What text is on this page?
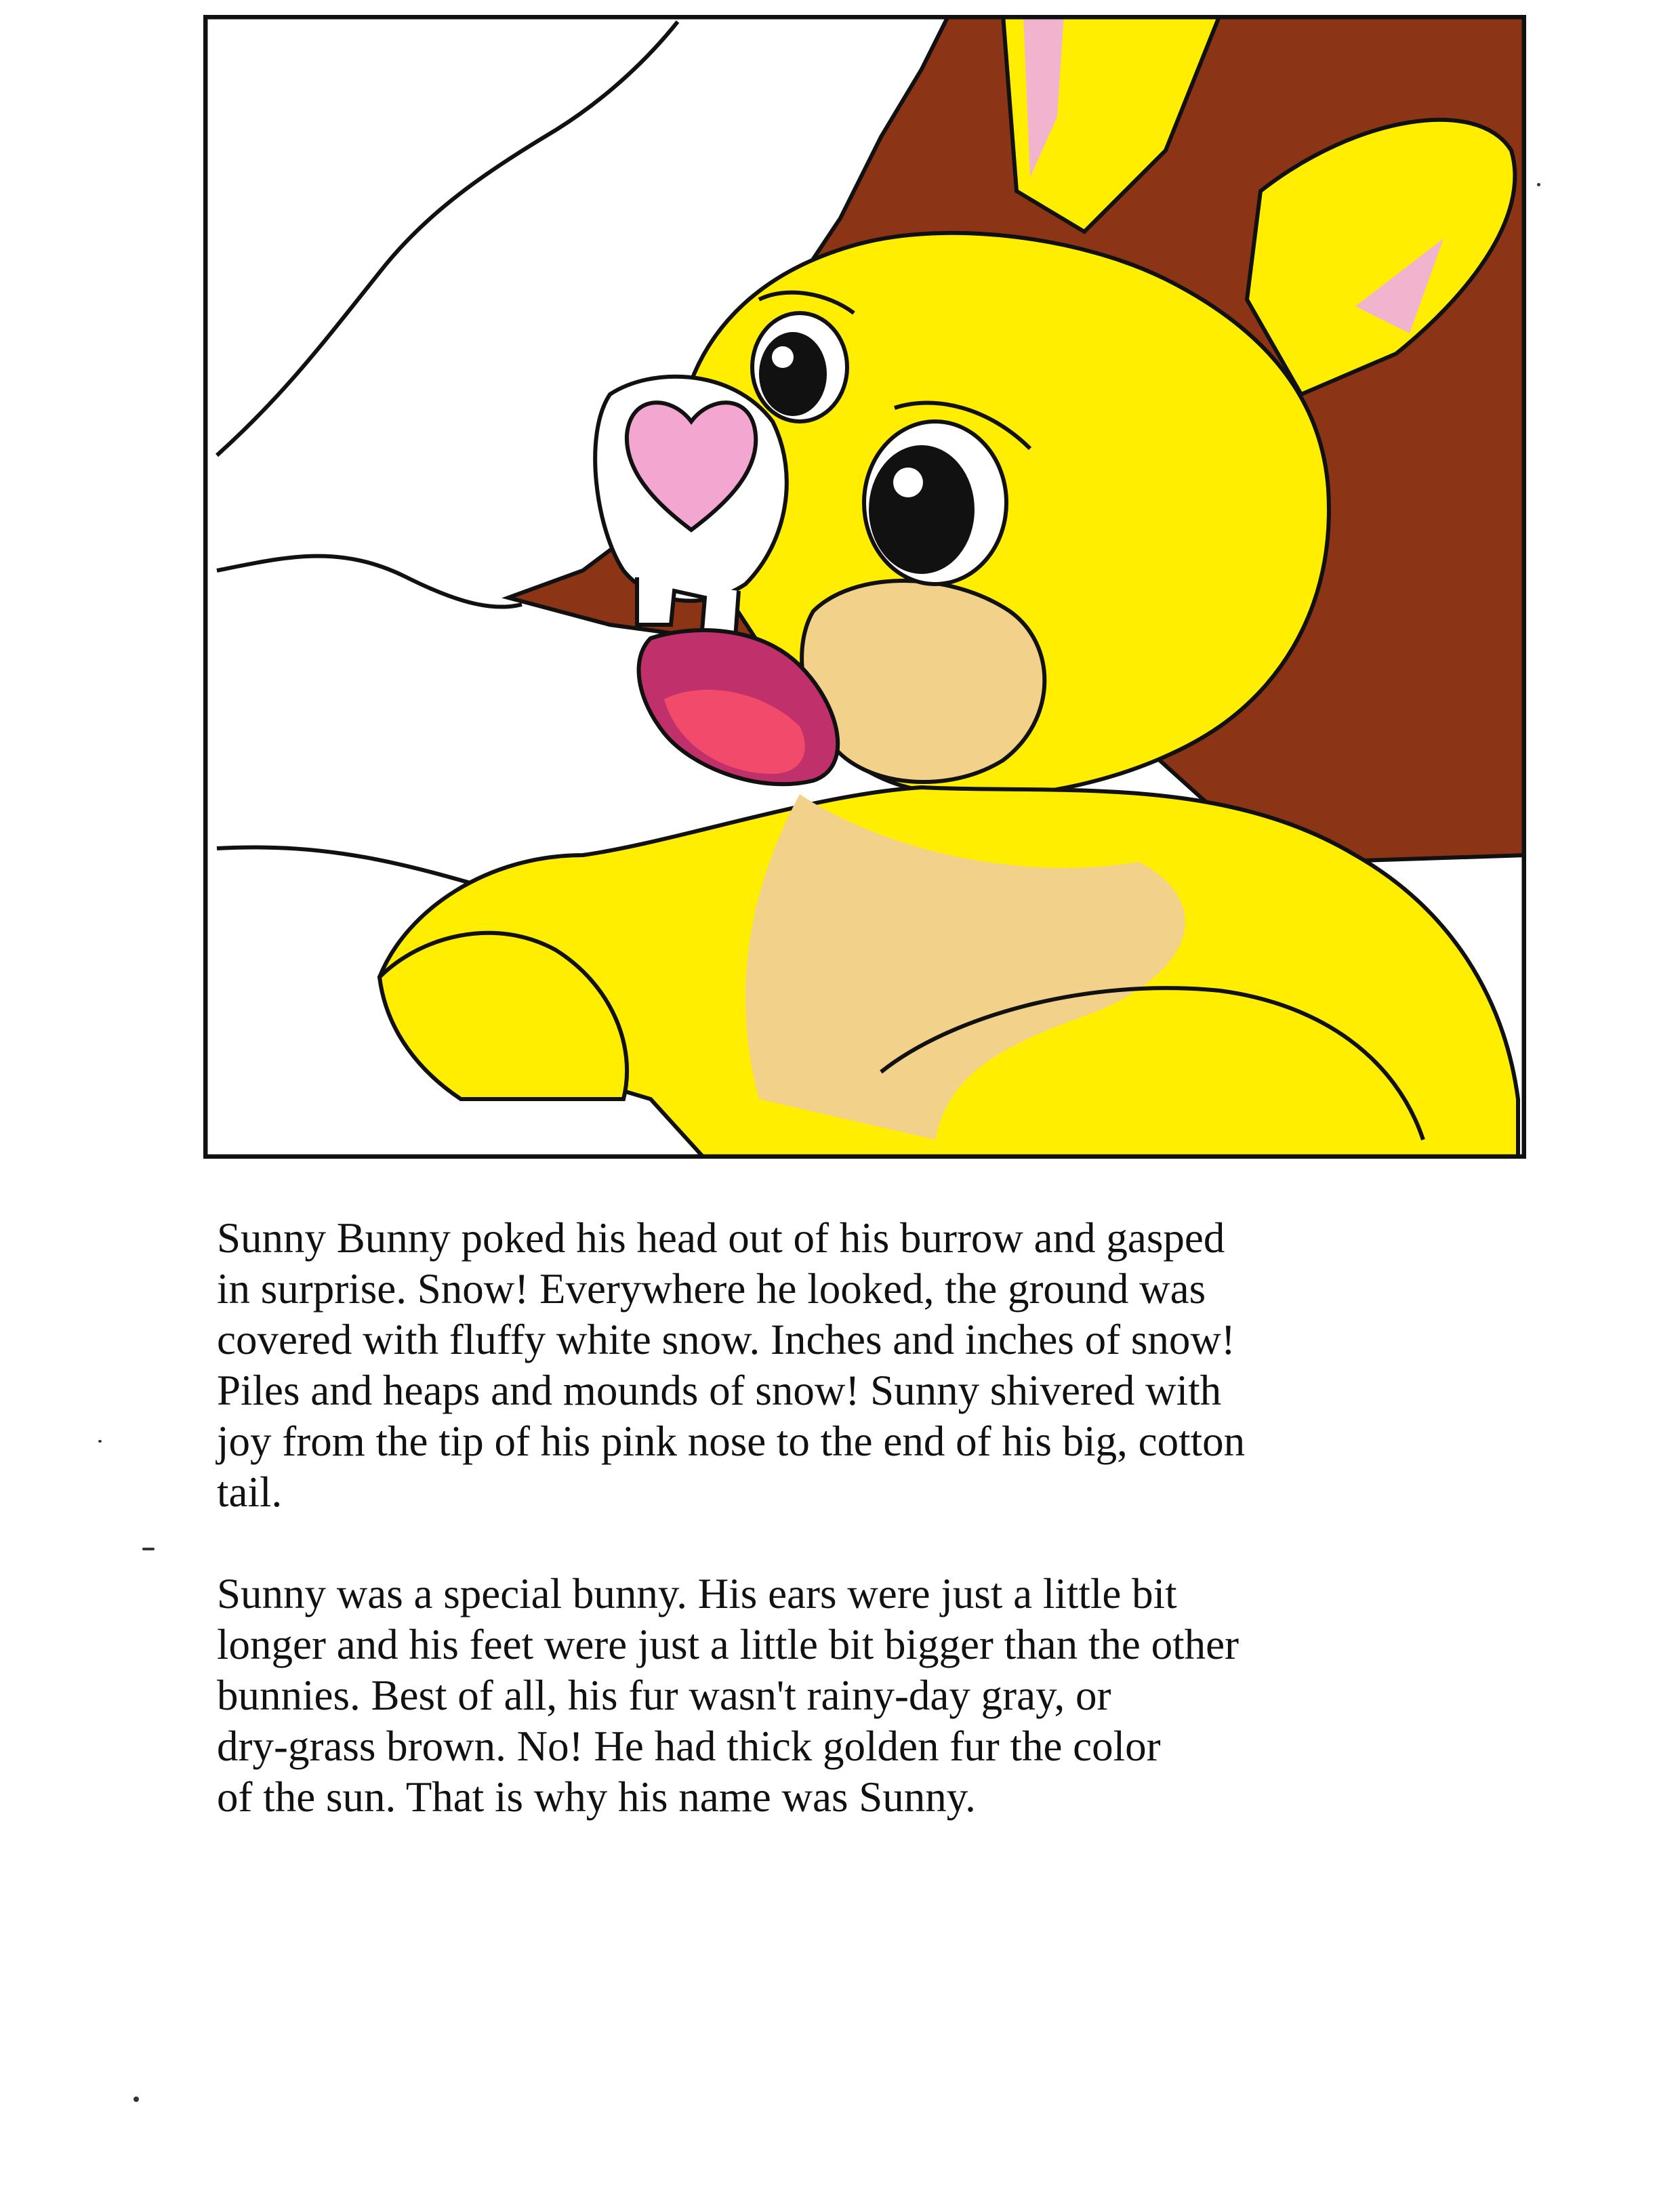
Sunny Bunny poked his head out of his burrow and gasped
in surprise. Snow! Everywhere he looked, the ground was
covered with fluffy white snow. Inches and inches of snow!
Piles and heaps and mounds of snow! Sunny shivered with
joy from the tip of his pink nose to the end of his big, cotton
tail.

Sunny was a special bunny. His ears were just a little bit
longer and his feet were just a little bit bigger than the other
bunnies. Best of all, his fur wasn't rainy-day gray, or
dry-grass brown. No! He had thick golden fur the color
of the sun. That is why his name was Sunny.
